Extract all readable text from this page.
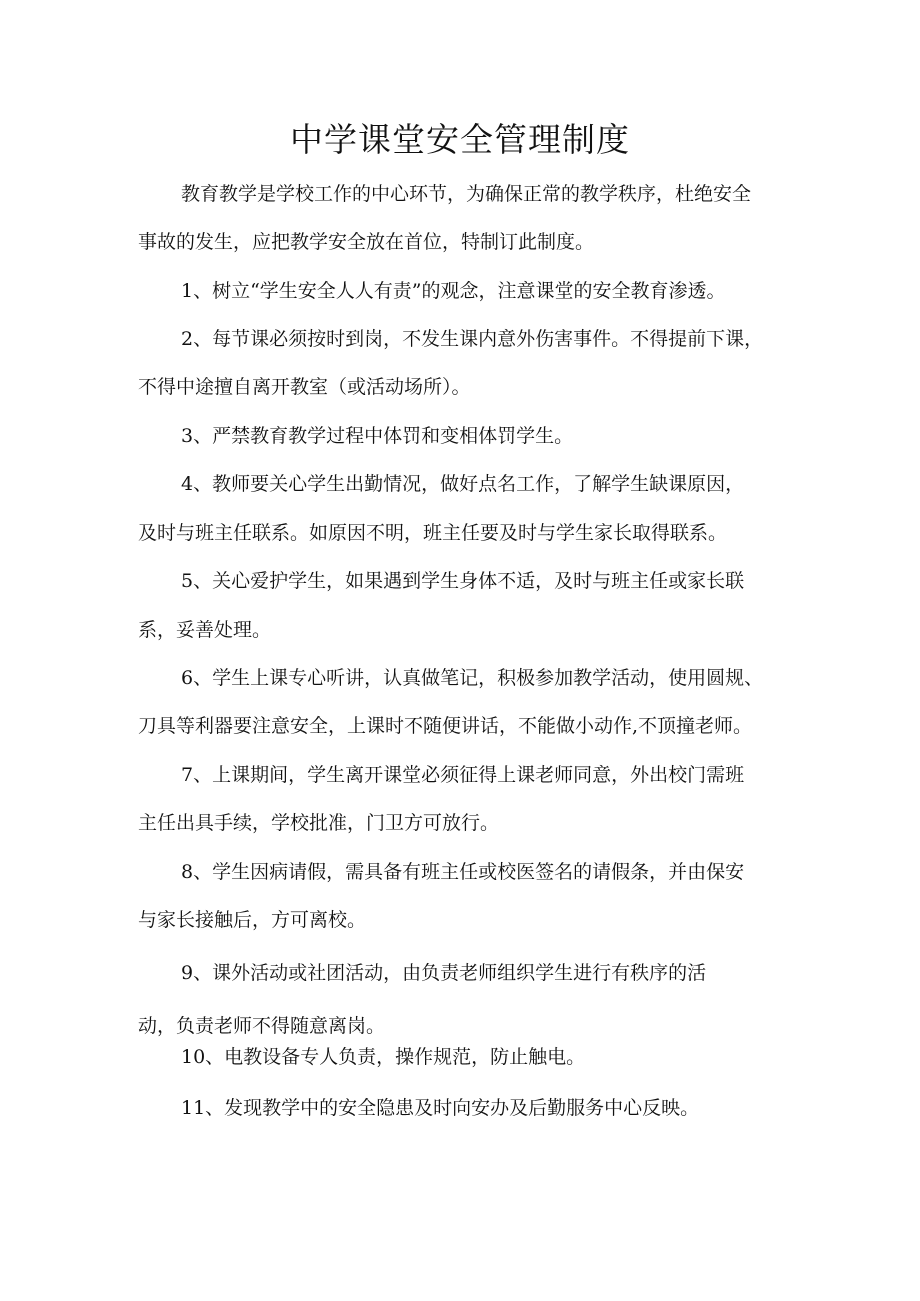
中学课堂安全管理制度
教育教学是学校工作的中心环节，为确保正常的教学秩序，杜绝安全
事故的发生，应把教学安全放在首位，特制订此制度。
1、树立“学生安全人人有责”的观念，注意课堂的安全教育渗透。
2、每节课必须按时到岗，不发生课内意外伤害事件。不得提前下课，
不得中途擅自离开教室（或活动场所）。
3、严禁教育教学过程中体罚和变相体罚学生。
4、教师要关心学生出勤情况，做好点名工作，了解学生缺课原因，
及时与班主任联系。如原因不明，班主任要及时与学生家长取得联系。
5、关心爱护学生，如果遇到学生身体不适，及时与班主任或家长联
系，妥善处理。
6、学生上课专心听讲，认真做笔记，积极参加教学活动，使用圆规、
刀具等利器要注意安全，上课时不随便讲话，不能做小动作,不顶撞老师。
7、上课期间，学生离开课堂必须征得上课老师同意，外出校门需班
主任出具手续，学校批准，门卫方可放行。
8、学生因病请假，需具备有班主任或校医签名的请假条，并由保安
与家长接触后，方可离校。
9、课外活动或社团活动，由负责老师组织学生进行有秩序的活
动，负责老师不得随意离岗。
10、电教设备专人负责，操作规范，防止触电。
11、发现教学中的安全隐患及时向安办及后勤服务中心反映。
